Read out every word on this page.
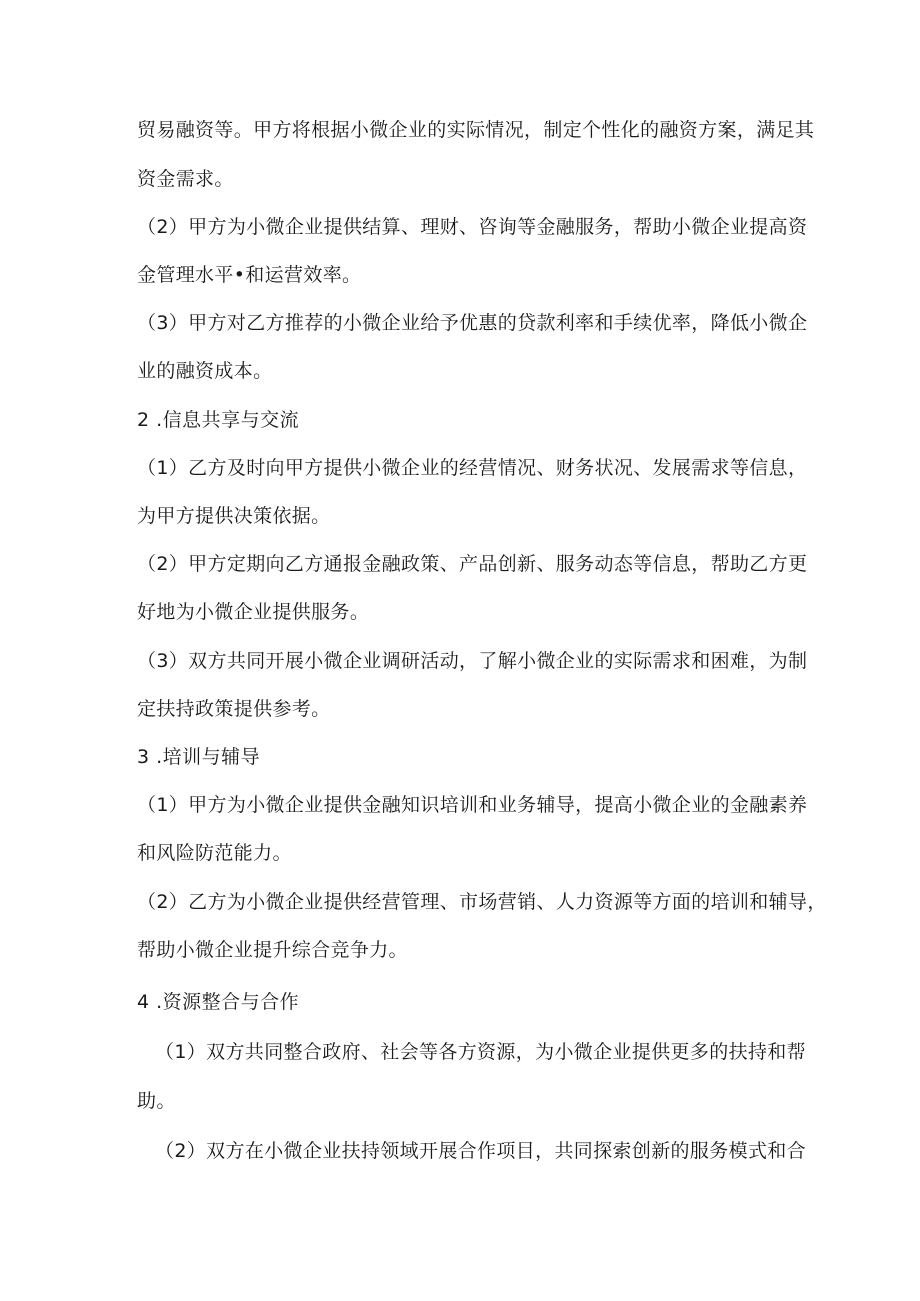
贸易融资等。甲方将根据小微企业的实际情况，制定个性化的融资方案，满足其
资金需求。
（2）甲方为小微企业提供结算、理财、咨询等金融服务，帮助小微企业提高资
金管理水平•和运营效率。
（3）甲方对乙方推荐的小微企业给予优惠的贷款利率和手续优率，降低小微企
业的融资成本。
2 .信息共享与交流
（1）乙方及时向甲方提供小微企业的经营情况、财务状况、发展需求等信息，
为甲方提供决策依据。
（2）甲方定期向乙方通报金融政策、产品创新、服务动态等信息，帮助乙方更
好地为小微企业提供服务。
（3）双方共同开展小微企业调研活动，了解小微企业的实际需求和困难，为制
定扶持政策提供参考。
3 .培训与辅导
（1）甲方为小微企业提供金融知识培训和业务辅导，提高小微企业的金融素养
和风险防范能力。
（2）乙方为小微企业提供经营管理、市场营销、人力资源等方面的培训和辅导，
帮助小微企业提升综合竞争力。
4 .资源整合与合作
（1）双方共同整合政府、社会等各方资源，为小微企业提供更多的扶持和帮
助。
（2）双方在小微企业扶持领域开展合作项目，共同探索创新的服务模式和合
